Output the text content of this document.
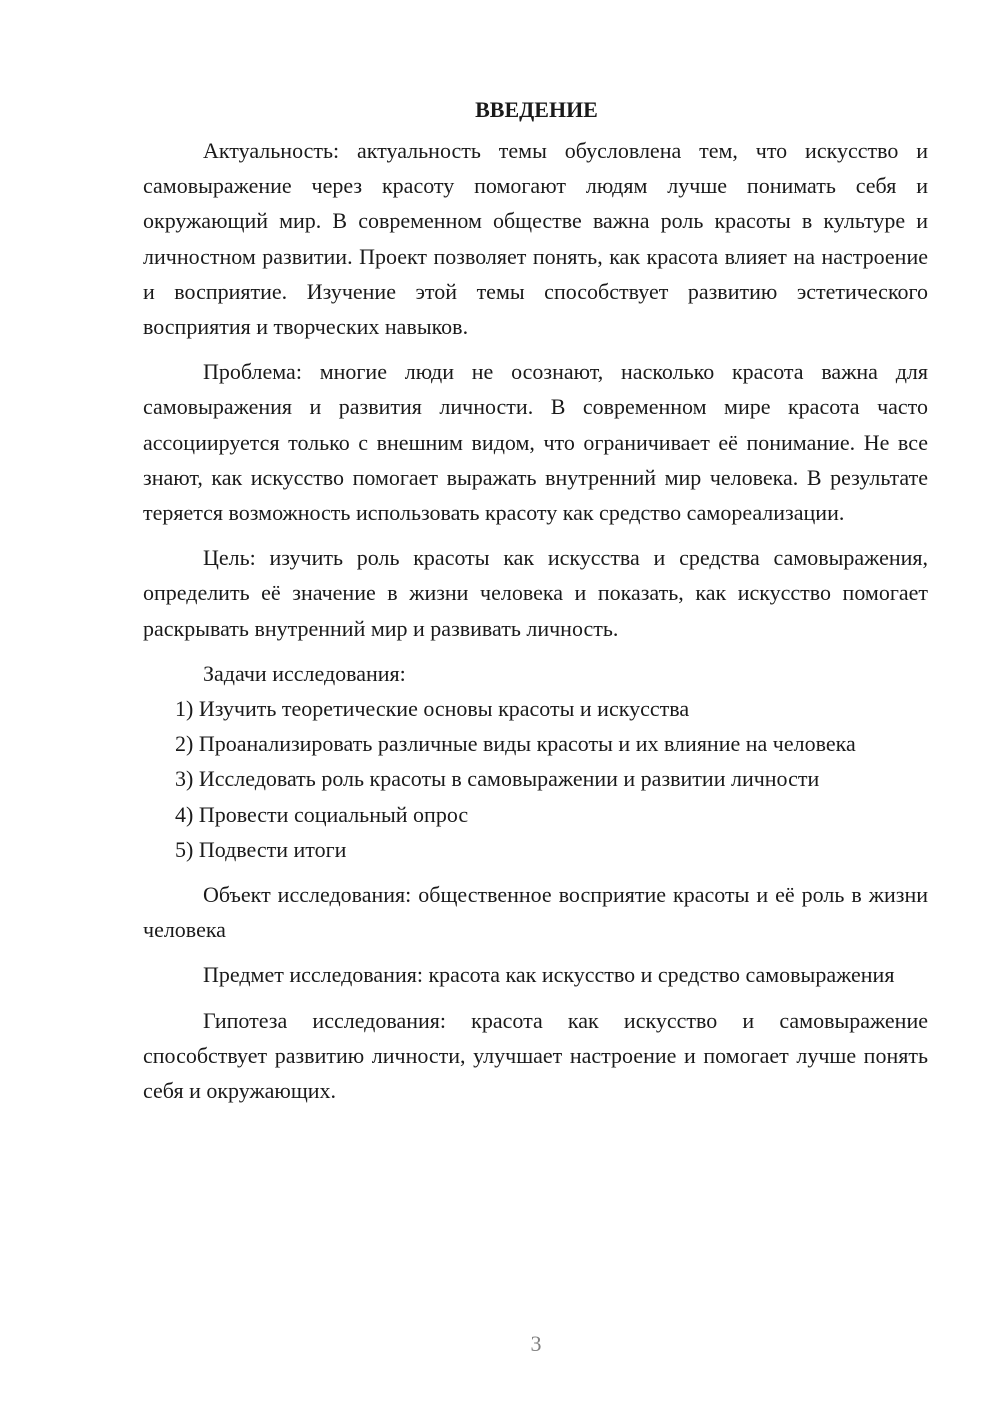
ВВЕДЕНИЕ

Актуальность: актуальность темы обусловлена тем, что искусство и самовыражение через красоту помогают людям лучше понимать себя и окружающий мир. В современном обществе важна роль красоты в культуре и личностном развитии. Проект позволяет понять, как красота влияет на настроение и восприятие. Изучение этой темы способствует развитию эстетического восприятия и творческих навыков.

Проблема: многие люди не осознают, насколько красота важна для самовыражения и развития личности. В современном мире красота часто ассоциируется только с внешним видом, что ограничивает её понимание. Не все знают, как искусство помогает выражать внутренний мир человека. В результате теряется возможность использовать красоту как средство самореализации.

Цель: изучить роль красоты как искусства и средства самовыражения, определить её значение в жизни человека и показать, как искусство помогает раскрывать внутренний мир и развивать личность.

Задачи исследования:

1) Изучить теоретические основы красоты и искусства

2) Проанализировать различные виды красоты и их влияние на человека

3) Исследовать роль красоты в самовыражении и развитии личности

4) Провести социальный опрос

5) Подвести итоги

Объект исследования: общественное восприятие красоты и её роль в жизни человека

Предмет исследования: красота как искусство и средство самовыражения

Гипотеза исследования: красота как искусство и самовыражение способствует развитию личности, улучшает настроение и помогает лучше понять себя и окружающих.

3
